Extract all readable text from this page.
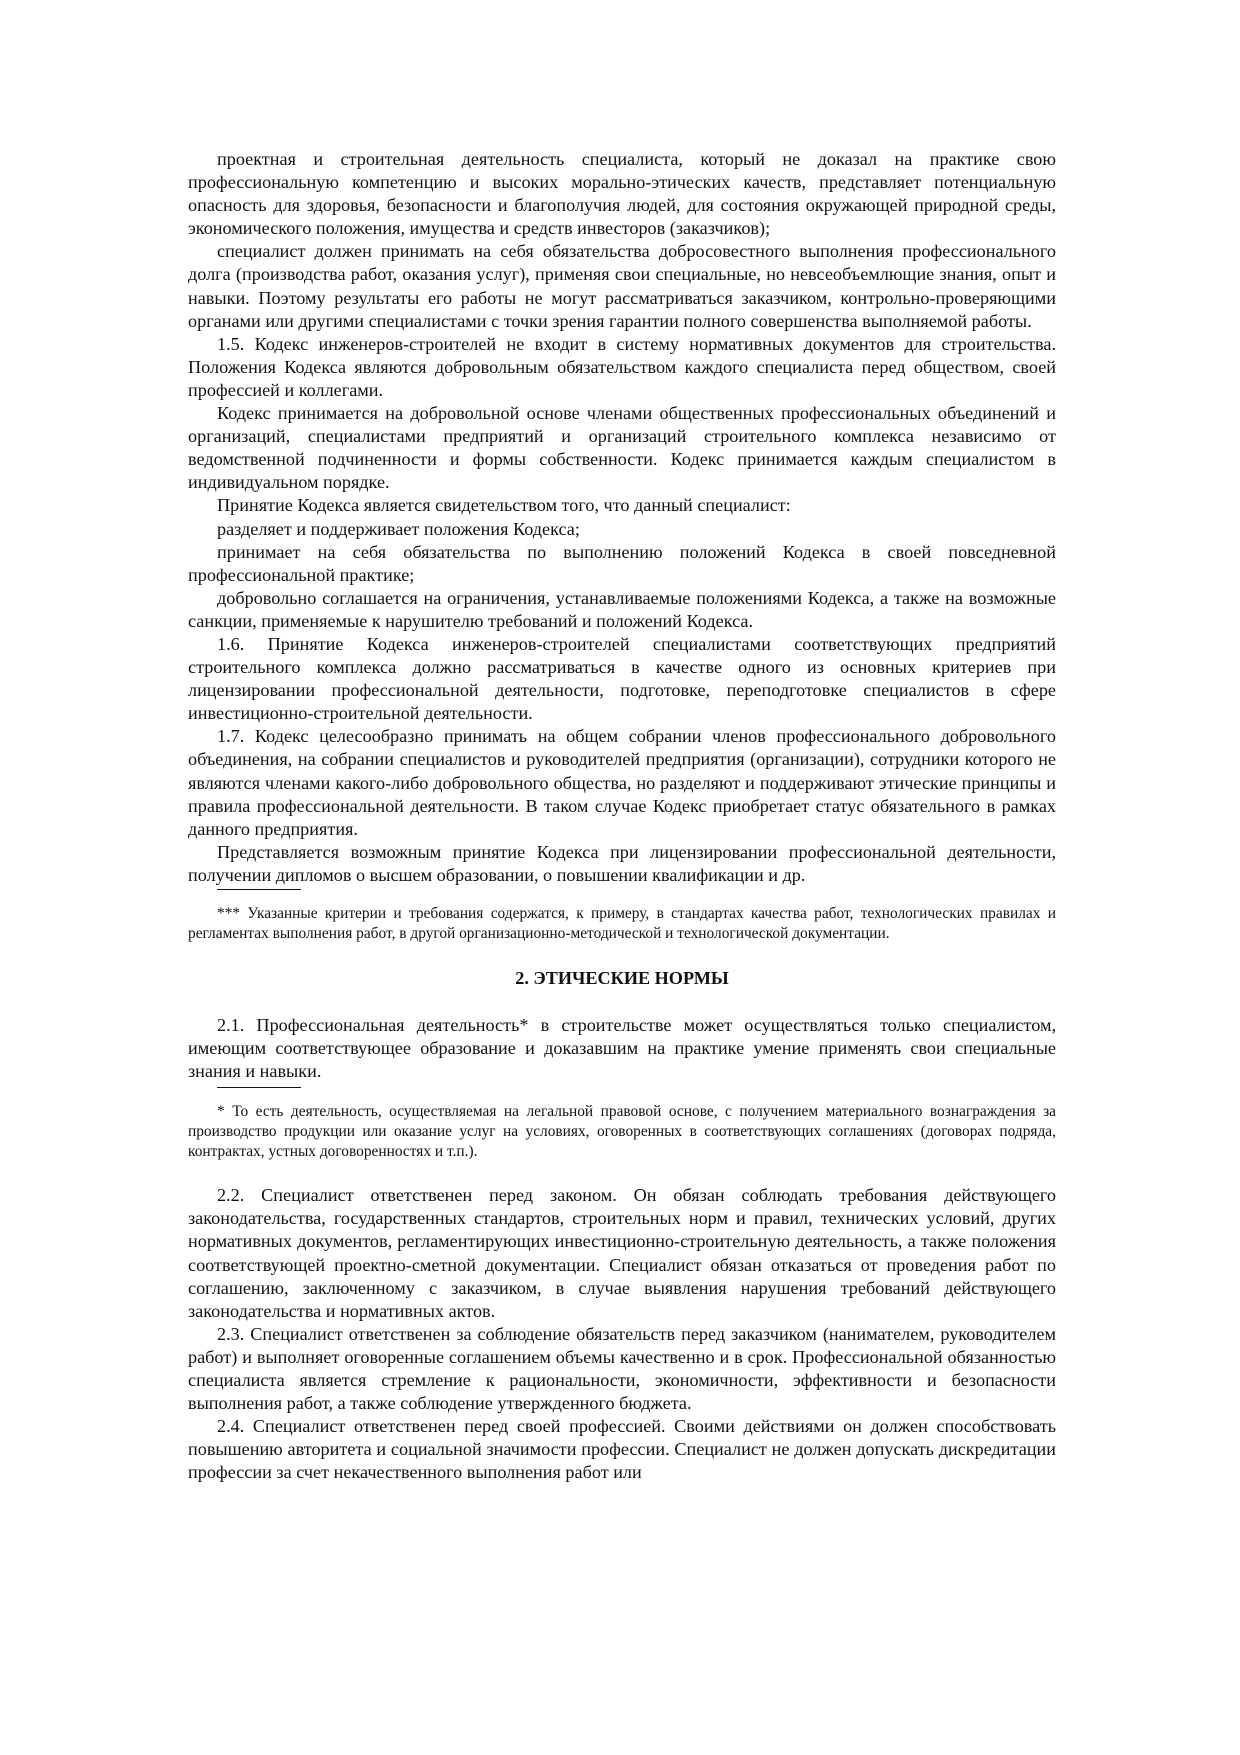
проектная и строительная деятельность специалиста, который не доказал на практике свою профессиональную компетенцию и высоких морально-этических качеств, представляет потенциальную опасность для здоровья, безопасности и благополучия людей, для состояния окружающей природной среды, экономического положения, имущества и средств инвесторов (заказчиков);

специалист должен принимать на себя обязательства добросовестного выполнения профессионального долга (производства работ, оказания услуг), применяя свои специальные, но невсеобъемлющие знания, опыт и навыки. Поэтому результаты его работы не могут рассматриваться заказчиком, контрольно-проверяющими органами или другими специалистами с точки зрения гарантии полного совершенства выполняемой работы.

1.5. Кодекс инженеров-строителей не входит в систему нормативных документов для строительства. Положения Кодекса являются добровольным обязательством каждого специалиста перед обществом, своей профессией и коллегами.

Кодекс принимается на добровольной основе членами общественных профессиональных объединений и организаций, специалистами предприятий и организаций строительного комплекса независимо от ведомственной подчиненности и формы собственности. Кодекс принимается каждым специалистом в индивидуальном порядке.

Принятие Кодекса является свидетельством того, что данный специалист:

разделяет и поддерживает положения Кодекса;

принимает на себя обязательства по выполнению положений Кодекса в своей повседневной профессиональной практике;

добровольно соглашается на ограничения, устанавливаемые положениями Кодекса, а также на возможные санкции, применяемые к нарушителю требований и положений Кодекса.

1.6. Принятие Кодекса инженеров-строителей специалистами соответствующих предприятий строительного комплекса должно рассматриваться в качестве одного из основных критериев при лицензировании профессиональной деятельности, подготовке, переподготовке специалистов в сфере инвестиционно-строительной деятельности.

1.7. Кодекс целесообразно принимать на общем собрании членов профессионального добровольного объединения, на собрании специалистов и руководителей предприятия (организации), сотрудники которого не являются членами какого-либо добровольного общества, но разделяют и поддерживают этические принципы и правила профессиональной деятельности. В таком случае Кодекс приобретает статус обязательного в рамках данного предприятия.

Представляется возможным принятие Кодекса при лицензировании профессиональной деятельности, получении дипломов о высшем образовании, о повышении квалификации и др.

*** Указанные критерии и требования содержатся, к примеру, в стандартах качества работ, технологических правилах и регламентах выполнения работ, в другой организационно-методической и технологической документации.

2. ЭТИЧЕСКИЕ НОРМЫ

2.1. Профессиональная деятельность* в строительстве может осуществляться только специалистом, имеющим соответствующее образование и доказавшим на практике умение применять свои специальные знания и навыки.

* То есть деятельность, осуществляемая на легальной правовой основе, с получением материального вознаграждения за производство продукции или оказание услуг на условиях, оговоренных в соответствующих соглашениях (договорах подряда, контрактах, устных договоренностях и т.п.).

2.2. Специалист ответственен перед законом. Он обязан соблюдать требования действующего законодательства, государственных стандартов, строительных норм и правил, технических условий, других нормативных документов, регламентирующих инвестиционно-строительную деятельность, а также положения соответствующей проектно-сметной документации. Специалист обязан отказаться от проведения работ по соглашению, заключенному с заказчиком, в случае выявления нарушения требований действующего законодательства и нормативных актов.

2.3. Специалист ответственен за соблюдение обязательств перед заказчиком (нанимателем, руководителем работ) и выполняет оговоренные соглашением объемы качественно и в срок. Профессиональной обязанностью специалиста является стремление к рациональности, экономичности, эффективности и безопасности выполнения работ, а также соблюдение утвержденного бюджета.

2.4. Специалист ответственен перед своей профессией. Своими действиями он должен способствовать повышению авторитета и социальной значимости профессии. Специалист не должен допускать дискредитации профессии за счет некачественного выполнения работ или
